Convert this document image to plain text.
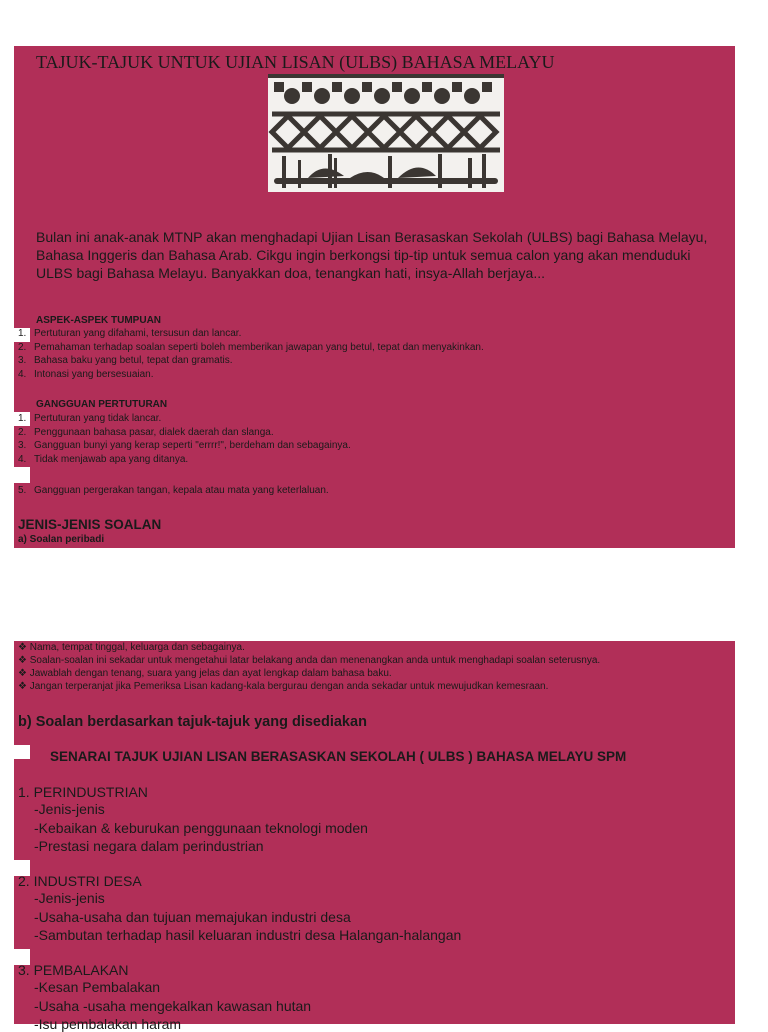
TAJUK-TAJUK UNTUK UJIAN LISAN (ULBS) BAHASA MELAYU
Bulan ini anak-anak MTNP akan menghadapi Ujian Lisan Berasaskan Sekolah (ULBS) bagi Bahasa Melayu, Bahasa Inggeris dan Bahasa Arab. Cikgu ingin berkongsi tip-tip untuk semua calon yang akan menduduki ULBS bagi Bahasa Melayu. Banyakkan doa, tenangkan hati, insya-Allah berjaya...
ASPEK-ASPEK TUMPUAN
1. Pertuturan yang difahami, tersusun dan lancar.
2. Pemahaman terhadap soalan seperti boleh memberikan jawapan yang betul, tepat dan menyakinkan.
3. Bahasa baku yang betul, tepat dan gramatis.
4. Intonasi yang bersesuaian.
GANGGUAN PERTUTURAN
1. Pertuturan yang tidak lancar.
2. Penggunaan bahasa pasar, dialek daerah dan slanga.
3. Gangguan bunyi yang kerap seperti "errrr!", berdeham dan sebagainya.
4. Tidak menjawab apa yang ditanya.
5. Gangguan pergerakan tangan, kepala atau mata yang keterlaluan.
JENIS-JENIS SOALAN
a) Soalan peribadi
❖ Nama, tempat tinggal, keluarga dan sebagainya.
❖ Soalan-soalan ini sekadar untuk mengetahui latar belakang anda dan menenangkan anda untuk menghadapi soalan seterusnya.
❖ Jawablah dengan tenang, suara yang jelas dan ayat lengkap dalam bahasa baku.
❖ Jangan terperanjat jika Pemeriksa Lisan kadang-kala bergurau dengan anda sekadar untuk mewujudkan kemesraan.
b) Soalan berdasarkan tajuk-tajuk yang disediakan
SENARAI TAJUK UJIAN LISAN BERASASKAN SEKOLAH ( ULBS ) BAHASA MELAYU SPM
1. PERINDUSTRIAN
-Jenis-jenis
-Kebaikan & keburukan penggunaan teknologi moden
-Prestasi negara dalam perindustrian
2. INDUSTRI DESA
-Jenis-jenis
-Usaha-usaha dan tujuan memajukan industri desa
-Sambutan terhadap hasil keluaran industri desa Halangan-halangan
3. PEMBALAKAN
-Kesan Pembalakan
-Usaha -usaha mengekalkan kawasan hutan
-Isu pembalakan haram
